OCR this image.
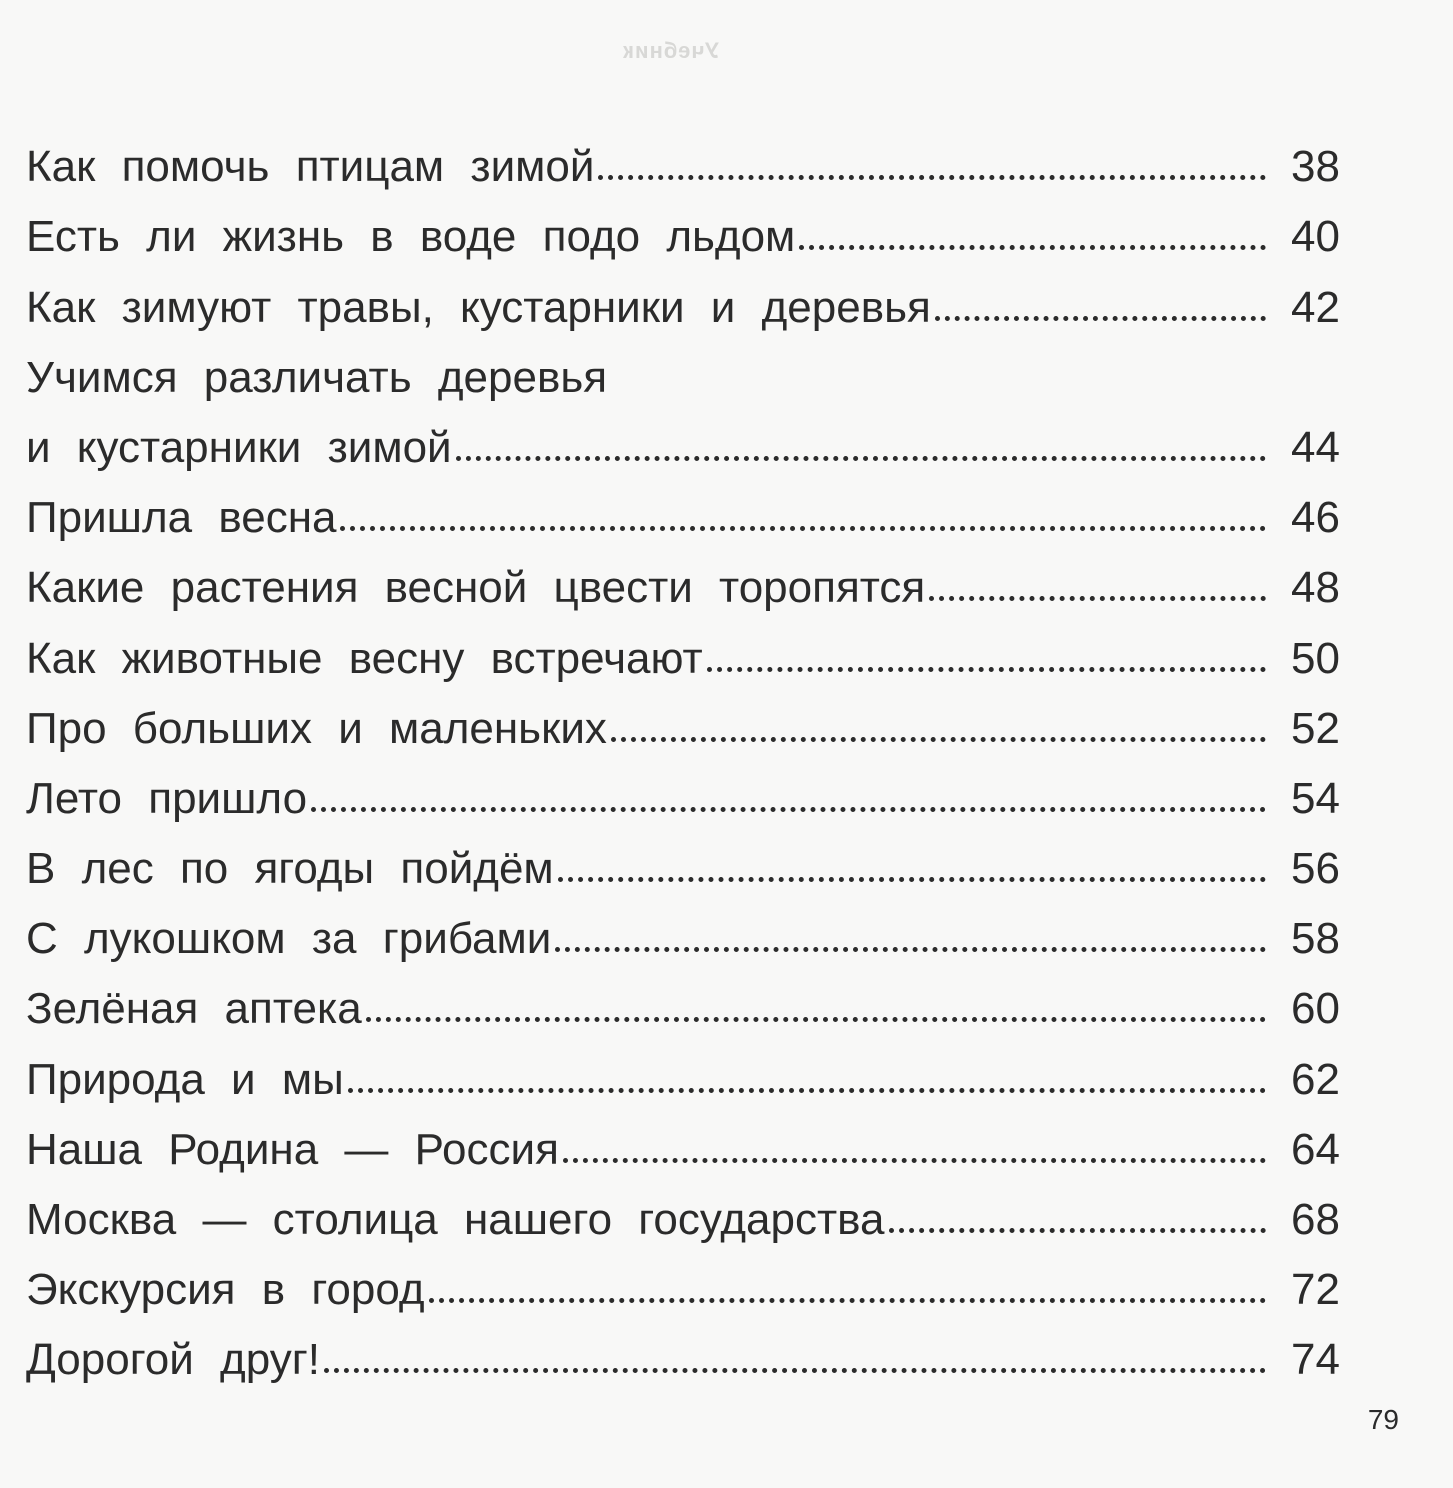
Учебник
Как помочь птицам зимой	38
Есть ли жизнь в воде подо льдом	40
Как зимуют травы, кустарники и деревья	42
Учимся различать деревья
и кустарники зимой	44
Пришла весна	46
Какие растения весной цвести торопятся	48
Как животные весну встречают	50
Про больших и маленьких	52
Лето пришло	54
В лес по ягоды пойдём	56
С лукошком за грибами	58
Зелёная аптека	60
Природа и мы	62
Наша Родина — Россия	64
Москва — столица нашего государства	68
Экскурсия в город	72
Дорогой друг!	74
79
